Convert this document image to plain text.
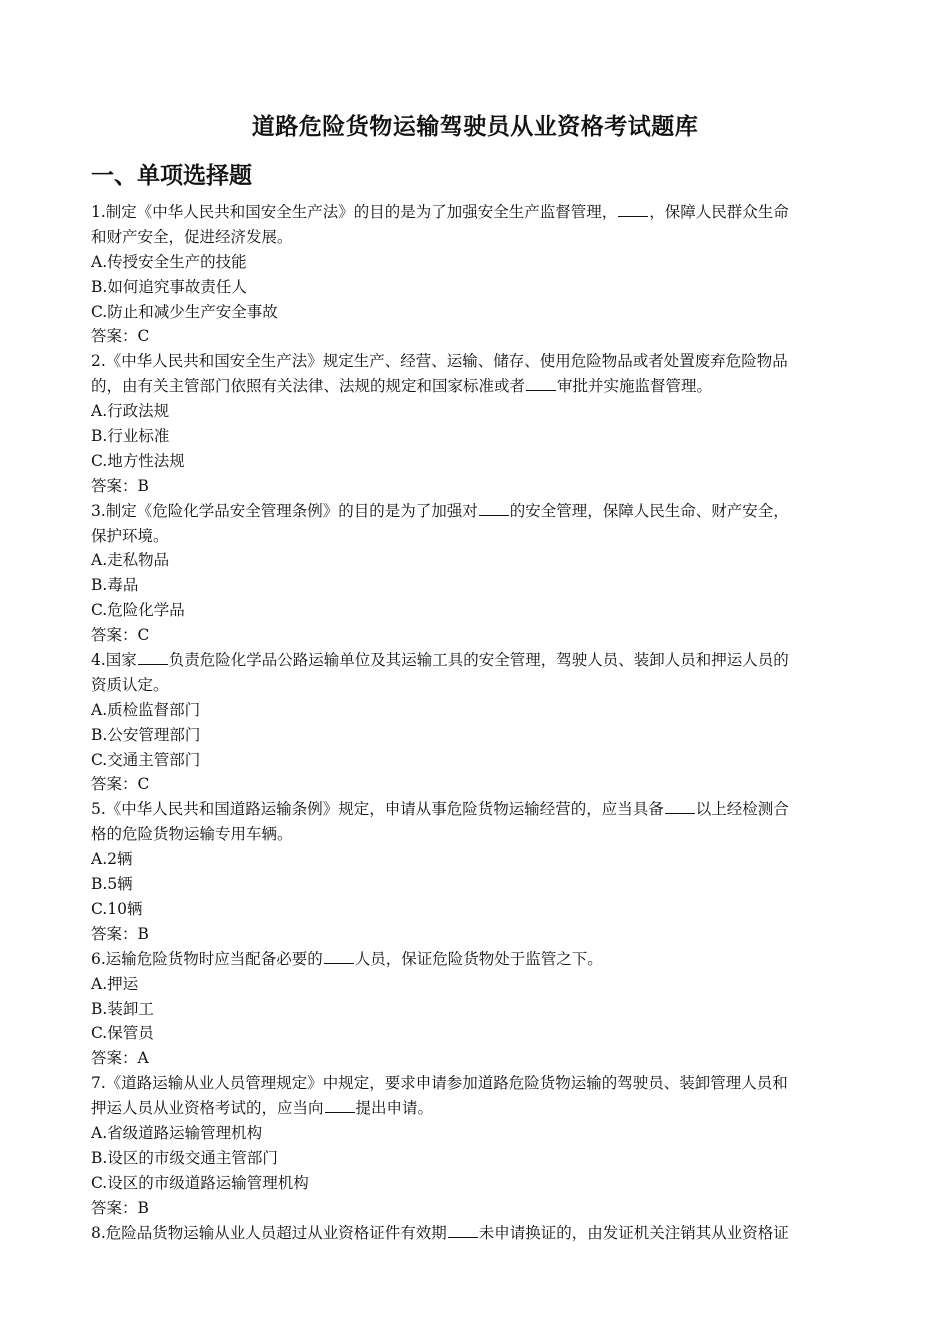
道路危险货物运输驾驶员从业资格考试题库
一、单项选择题
1.制定《中华人民共和国安全生产法》的目的是为了加强安全生产监督管理， ，保障人民群众生命
和财产安全，促进经济发展。
A.传授安全生产的技能
B.如何追究事故责任人
C.防止和减少生产安全事故
答案：C
2.《中华人民共和国安全生产法》规定生产、经营、运输、储存、使用危险物品或者处置废弃危险物品
的，由有关主管部门依照有关法律、法规的规定和国家标准或者 审批并实施监督管理。
A.行政法规
B.行业标准
C.地方性法规
答案：B
3.制定《危险化学品安全管理条例》的目的是为了加强对 的安全管理，保障人民生命、财产安全，
保护环境。
A.走私物品
B.毒品
C.危险化学品
答案：C
4.国家 负责危险化学品公路运输单位及其运输工具的安全管理，驾驶人员、装卸人员和押运人员的
资质认定。
A.质检监督部门
B.公安管理部门
C.交通主管部门
答案：C
5.《中华人民共和国道路运输条例》规定，申请从事危险货物运输经营的，应当具备 以上经检测合
格的危险货物运输专用车辆。
A.2辆
B.5辆
C.10辆
答案：B
6.运输危险货物时应当配备必要的 人员，保证危险货物处于监管之下。
A.押运
B.装卸工
C.保管员
答案：A
7.《道路运输从业人员管理规定》中规定，要求申请参加道路危险货物运输的驾驶员、装卸管理人员和
押运人员从业资格考试的，应当向 提出申请。
A.省级道路运输管理机构
B.设区的市级交通主管部门
C.设区的市级道路运输管理机构
答案：B
8.危险品货物运输从业人员超过从业资格证件有效期 未申请换证的，由发证机关注销其从业资格证
